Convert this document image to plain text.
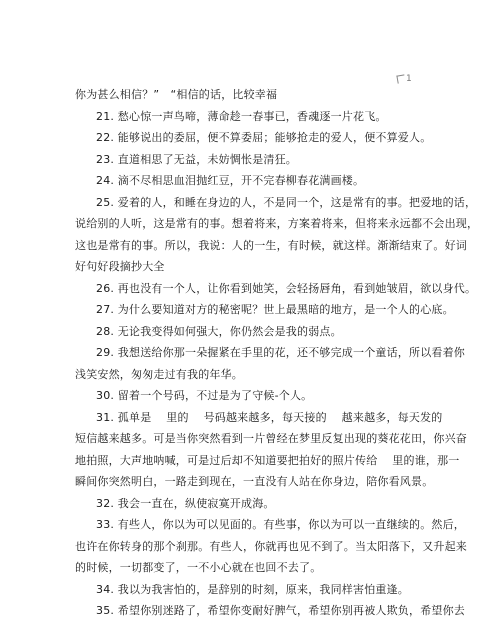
1
你为甚么相信？”　“相信的话，比较幸福
21. 愁心惊一声鸟啼，薄命趁一春事已，香魂逐一片花飞。
22. 能够说出的委屈，便不算委屈；能够抢走的爱人，便不算爱人。
23. 直道相思了无益，未妨惆怅是清狂。
24. 滴不尽相思血泪抛红豆，开不完春柳春花满画楼。
25. 爱着的人，和睡在身边的人，不是同一个，这是常有的事。把爱地的话，
说给别的人听，这是常有的事。想着将来，方案着将来，但将来永远都不会出现，
这也是常有的事。所以，我说：人的一生，有时候，就这样。渐渐结束了。好词
好句好段摘抄大全
26. 再也没有一个人，让你看到她笑，会轻扬唇角，看到她皱眉，欲以身代。
27. 为什么要知道对方的秘密呢？世上最黑暗的地方，是一个人的心底。
28. 无论我变得如何强大，你仍然会是我的弱点。
29. 我想送给你那一朵握紧在手里的花，还不够完成一个童话，所以看着你
浅笑安然，匆匆走过有我的年华。
30. 留着一个号码，不过是为了守候-个人。
31. 孤单是　 里的　 号码越来越多，每天接的　 越来越多，每天发的
短信越来越多。可是当你突然看到一片曾经在梦里反复出现的葵花花田，你兴奋
地拍照，大声地呐喊，可是过后却不知道要把拍好的照片传给　 里的谁，那一
瞬间你突然明白，一路走到现在，一直没有人站在你身边，陪你看风景。
32. 我会一直在，纵使寂寞开成海。
33. 有些人，你以为可以见面的。有些事，你以为可以一直继续的。然后，
也许在你转身的那个刹那。有些人，你就再也见不到了。当太阳落下，又升起来
的时候，一切都变了，一不小心就在也回不去了。
34. 我以为我害怕的，是辞别的时刻，原来，我同样害怕重逢。
35. 希望你别迷路了，希望你变耐好脾气，希望你别再被人欺负，希望你去
